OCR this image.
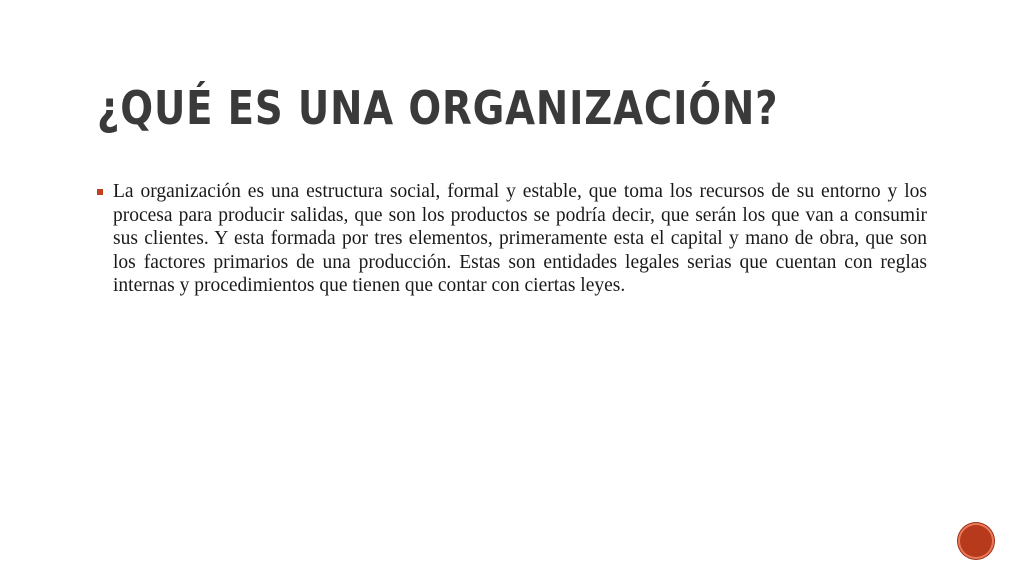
¿QUÉ ES UNA ORGANIZACIÓN?

La organización es una estructura social, formal y estable, que toma los recursos de su entorno y los procesa para producir salidas, que son los productos se podría decir, que serán los que van a consumir sus clientes. Y esta formada por tres elementos, primeramente esta el capital y mano de obra, que son los factores primarios de una producción. Estas son entidades legales serias que cuentan con reglas internas y procedimientos que tienen que contar con ciertas leyes.
